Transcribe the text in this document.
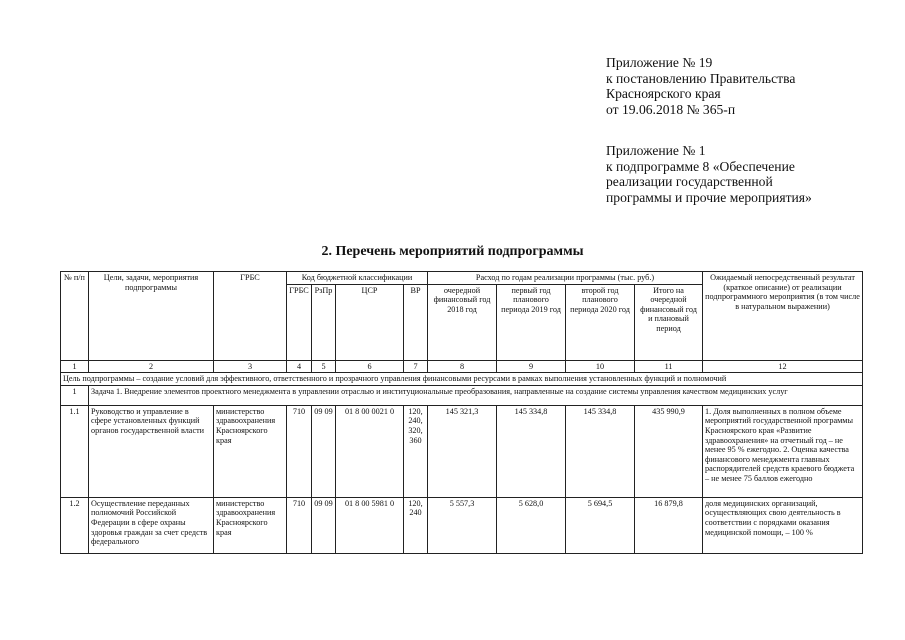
Приложение № 19
к постановлению Правительства
Красноярского края
от 19.06.2018 № 365-п
Приложение № 1
к подпрограмме 8 «Обеспечение
реализации государственной
программы и прочие мероприятия»
2. Перечень мероприятий подпрограммы
№ п/п	Цели, задачи, мероприятия подпрограммы	ГРБС	Код бюджетной классификации				Расход по годам реализации программы (тыс. руб.)				Ожидаемый непосредственный результат (краткое описание) от реализации подпрограммного мероприятия (в том числе в натуральном выражении)
			ГРБС	РзПр	ЦСР	ВР	очередной финансовый год 2018 год	первый год планового периода 2019 год	второй год планового периода 2020 год	Итого на очередной финансовый год и плановый период	
1	2	3	4	5	6	7	8	9	10	11	12
Цель подпрограммы – создание условий для эффективного, ответственного и прозрачного управления финансовыми ресурсами в рамках выполнения установленных функций и полномочий											
1	Задача 1. Внедрение элементов проектного менеджмента в управлении отраслью и институциональные преобразования, направленные на создание системы управления качеством медицинских услуг										
1.1	Руководство и управление в сфере установленных функций органов государственной власти	министерство здравоохранения Красноярского края	710	09 09	01 8 00 0021 0	120, 240, 320, 360	145 321,3	145 334,8	145 334,8	435 990,9	1. Доля выполненных в полном объеме мероприятий государственной программы Красноярского края «Развитие здравоохранения» на отчетный год – не менее 95 % ежегодно. 2. Оценка качества финансового менеджмента главных распорядителей средств краевого бюджета – не менее 75 баллов ежегодно
1.2	Осуществление переданных полномочий Российской Федерации в сфере охраны здоровья граждан за счет средств федерального	министерство здравоохранения Красноярского края	710	09 09	01 8 00 5981 0	120, 240	5 557,3	5 628,0	5 694,5	16 879,8	доля медицинских организаций, осуществляющих свою деятельность в соответствии с порядками оказания медицинской помощи, – 100 %
